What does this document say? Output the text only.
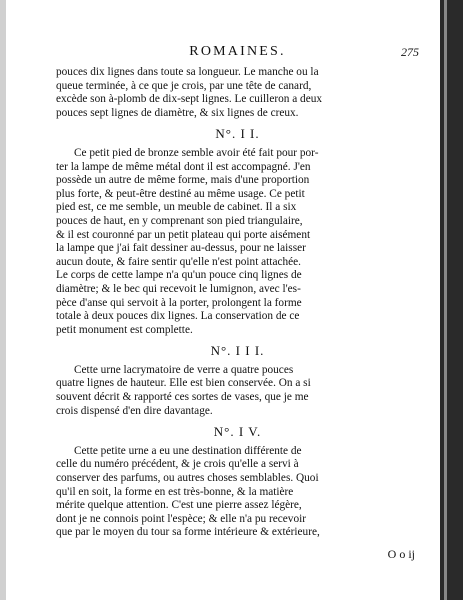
ROMAINES.	275

pouces dix lignes dans toute sa longueur. Le manche ou la
queue terminée, à ce que je crois, par une tête de canard,
excède son à-plomb de dix-sept lignes. Le cuilleron a deux
pouces sept lignes de diamètre, & six lignes de creux.

N°. I I.

Ce petit pied de bronze semble avoir été fait pour por-
ter la lampe de même métal dont il est accompagné. J'en
possède un autre de même forme, mais d'une proportion
plus forte, & peut-être destiné au même usage. Ce petit
pied est, ce me semble, un meuble de cabinet. Il a six
pouces de haut, en y comprenant son pied triangulaire,
& il est couronné par un petit plateau qui porte aisément
la lampe que j'ai fait dessiner au-dessus, pour ne laisser
aucun doute, & faire sentir qu'elle n'est point attachée.
Le corps de cette lampe n'a qu'un pouce cinq lignes de
diamètre; & le bec qui recevoit le lumignon, avec l'es-
pèce d'anse qui servoit à la porter, prolongent la forme
totale à deux pouces dix lignes. La conservation de ce
petit monument est complette.

N°. I I I.

Cette urne lacrymatoire de verre a quatre pouces
quatre lignes de hauteur. Elle est bien conservée. On a si
souvent décrit & rapporté ces sortes de vases, que je me
crois dispensé d'en dire davantage.

N°. I V.

Cette petite urne a eu une destination différente de
celle du numéro précédent, & je crois qu'elle a servi à
conserver des parfums, ou autres choses semblables. Quoi
qu'il en soit, la forme en est très-bonne, & la matière
mérite quelque attention. C'est une pierre assez légère,
dont je ne connois point l'espèce; & elle n'a pu recevoir
que par le moyen du tour sa forme intérieure & extérieure,

O o ij
